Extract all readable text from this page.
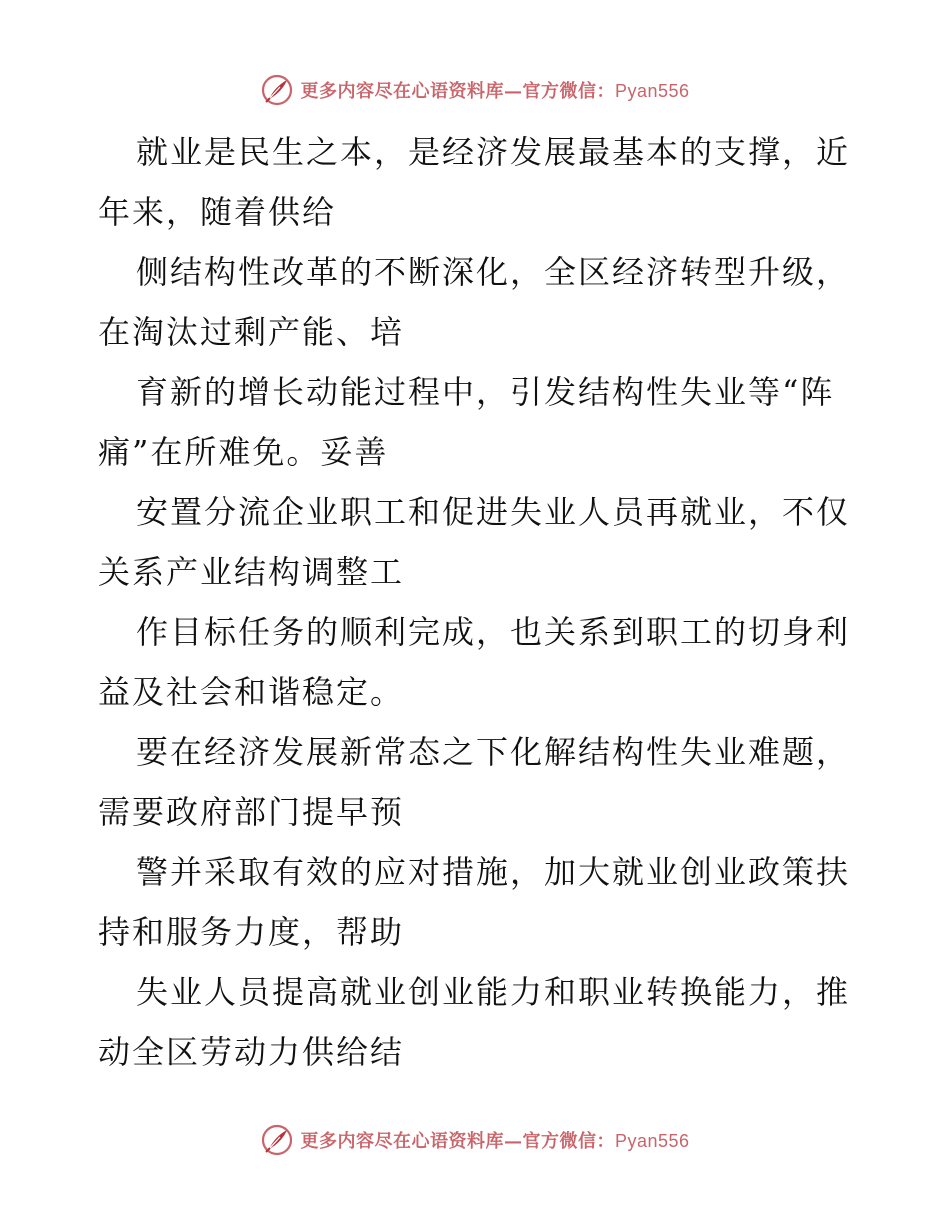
更多内容尽在心语资料库—官方微信：Pyan556

就业是民生之本，是经济发展最基本的支撑，近年来，随着供给

侧结构性改革的不断深化，全区经济转型升级，在淘汰过剩产能、培

育新的增长动能过程中，引发结构性失业等“阵痛”在所难免。妥善

安置分流企业职工和促进失业人员再就业，不仅关系产业结构调整工

作目标任务的顺利完成，也关系到职工的切身利益及社会和谐稳定。

要在经济发展新常态之下化解结构性失业难题，需要政府部门提早预

警并采取有效的应对措施，加大就业创业政策扶持和服务力度，帮助

失业人员提高就业创业能力和职业转换能力，推动全区劳动力供给结

更多内容尽在心语资料库—官方微信：Pyan556
